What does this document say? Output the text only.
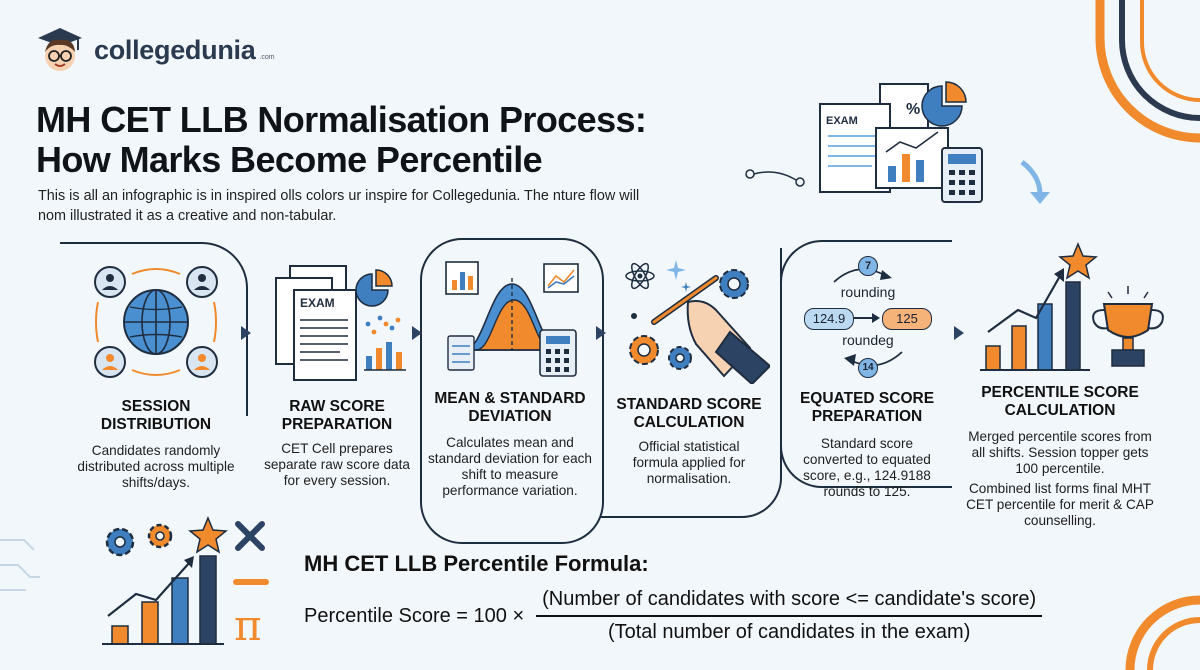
collegedunia .com
MH CET LLB Normalisation Process:
How Marks Become Percentile

This is all an infographic is in inspired olls colors ur inspire for Collegedunia. The nture flow will nom illustrated it as a creative and non-tabular.

EXAM
%
SESSION DISTRIBUTION

Candidates randomly distributed across multiple shifts/days.

EXAM
RAW SCORE PREPARATION

CET Cell prepares separate raw score data for every session.

MEAN & STANDARD DEVIATION

Calculates mean and standard deviation for each shift to measure performance variation.

STANDARD SCORE CALCULATION

Official statistical formula applied for normalisation.

7
rounding
124.9	125
roundeg
14
EQUATED SCORE PREPARATION

Standard score converted to equated score, e.g., 124.9188 rounds to 125.

PERCENTILE SCORE CALCULATION

Merged percentile scores from all shifts. Session topper gets 100 percentile.

Combined list forms final MHT CET percentile for merit & CAP counselling.

π
MH CET LLB Percentile Formula:
Percentile Score = 100 ×
(Number of candidates with score <= candidate's score)
(Total number of candidates in the exam)
